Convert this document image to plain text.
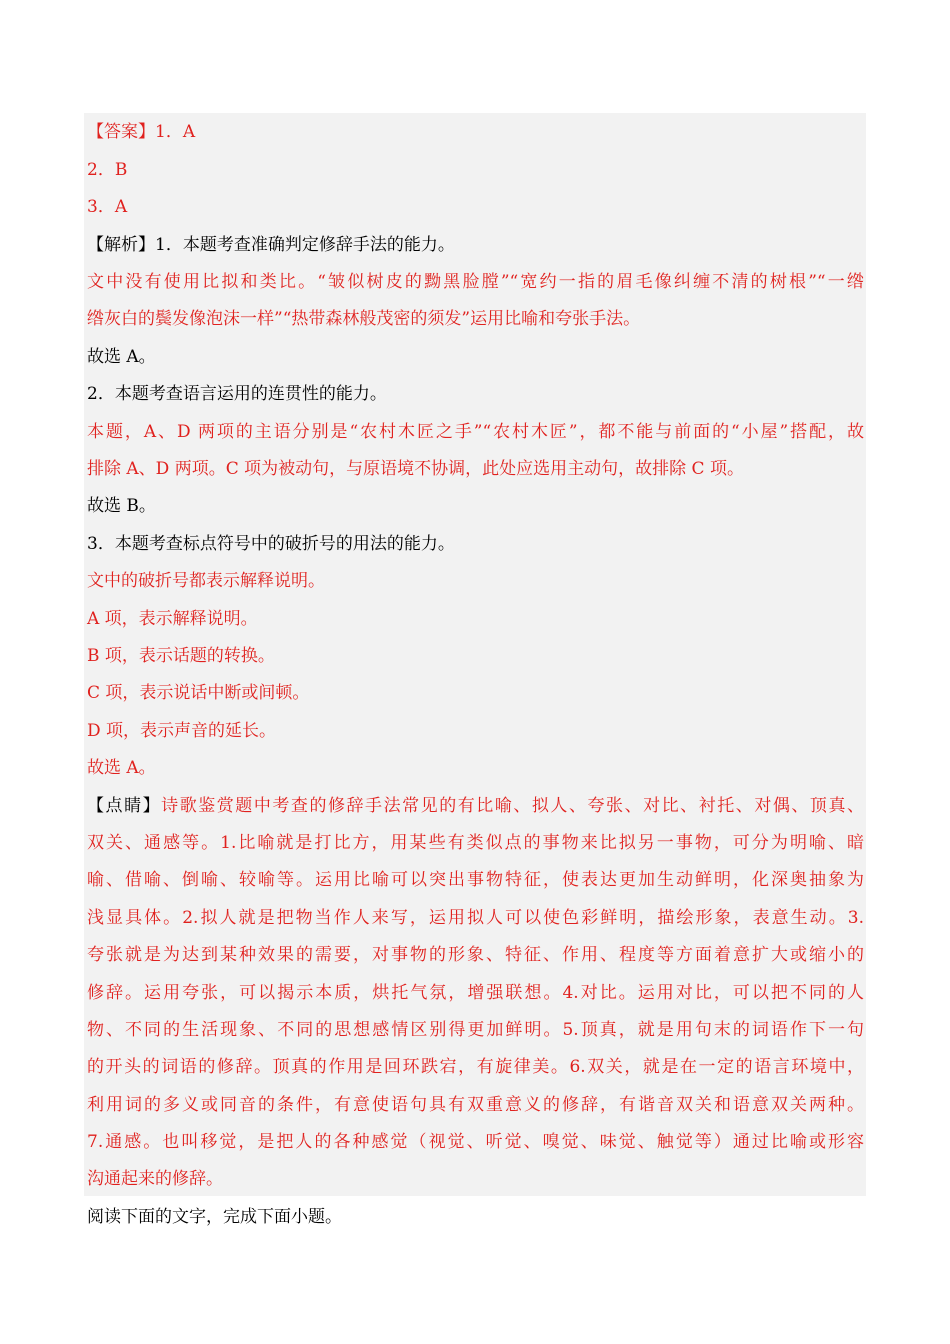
【答案】1．A
2．B
3．A
【解析】1．本题考查准确判定修辞手法的能力。
文中没有使用比拟和类比。“皱似树皮的黝黑脸膛”“宽约一指的眉毛像纠缠不清的树根”“一绺
绺灰白的鬓发像泡沫一样”“热带森林般茂密的须发”运用比喻和夸张手法。
故选 A。
2．本题考查语言运用的连贯性的能力。
本题，A、D 两项的主语分别是“农村木匠之手”“农村木匠”，都不能与前面的“小屋”搭配，故
排除 A、D 两项。C 项为被动句，与原语境不协调，此处应选用主动句，故排除 C 项。
故选 B。
3．本题考查标点符号中的破折号的用法的能力。
文中的破折号都表示解释说明。
A 项，表示解释说明。
B 项，表示话题的转换。
C 项，表示说话中断或间顿。
D 项，表示声音的延长。
故选 A。
【点睛】诗歌鉴赏题中考查的修辞手法常见的有比喻、拟人、夸张、对比、衬托、对偶、顶真、
双关、通感等。1.比喻就是打比方，用某些有类似点的事物来比拟另一事物，可分为明喻、暗
喻、借喻、倒喻、较喻等。运用比喻可以突出事物特征，使表达更加生动鲜明，化深奥抽象为
浅显具体。2.拟人就是把物当作人来写，运用拟人可以使色彩鲜明，描绘形象，表意生动。3.
夸张就是为达到某种效果的需要，对事物的形象、特征、作用、程度等方面着意扩大或缩小的
修辞。运用夸张，可以揭示本质，烘托气氛，增强联想。4.对比。运用对比，可以把不同的人
物、不同的生活现象、不同的思想感情区别得更加鲜明。5.顶真，就是用句末的词语作下一句
的开头的词语的修辞。顶真的作用是回环跌宕，有旋律美。6.双关，就是在一定的语言环境中，
利用词的多义或同音的条件，有意使语句具有双重意义的修辞，有谐音双关和语意双关两种。
7.通感。也叫移觉，是把人的各种感觉（视觉、听觉、嗅觉、味觉、触觉等）通过比喻或形容
沟通起来的修辞。
阅读下面的文字，完成下面小题。
